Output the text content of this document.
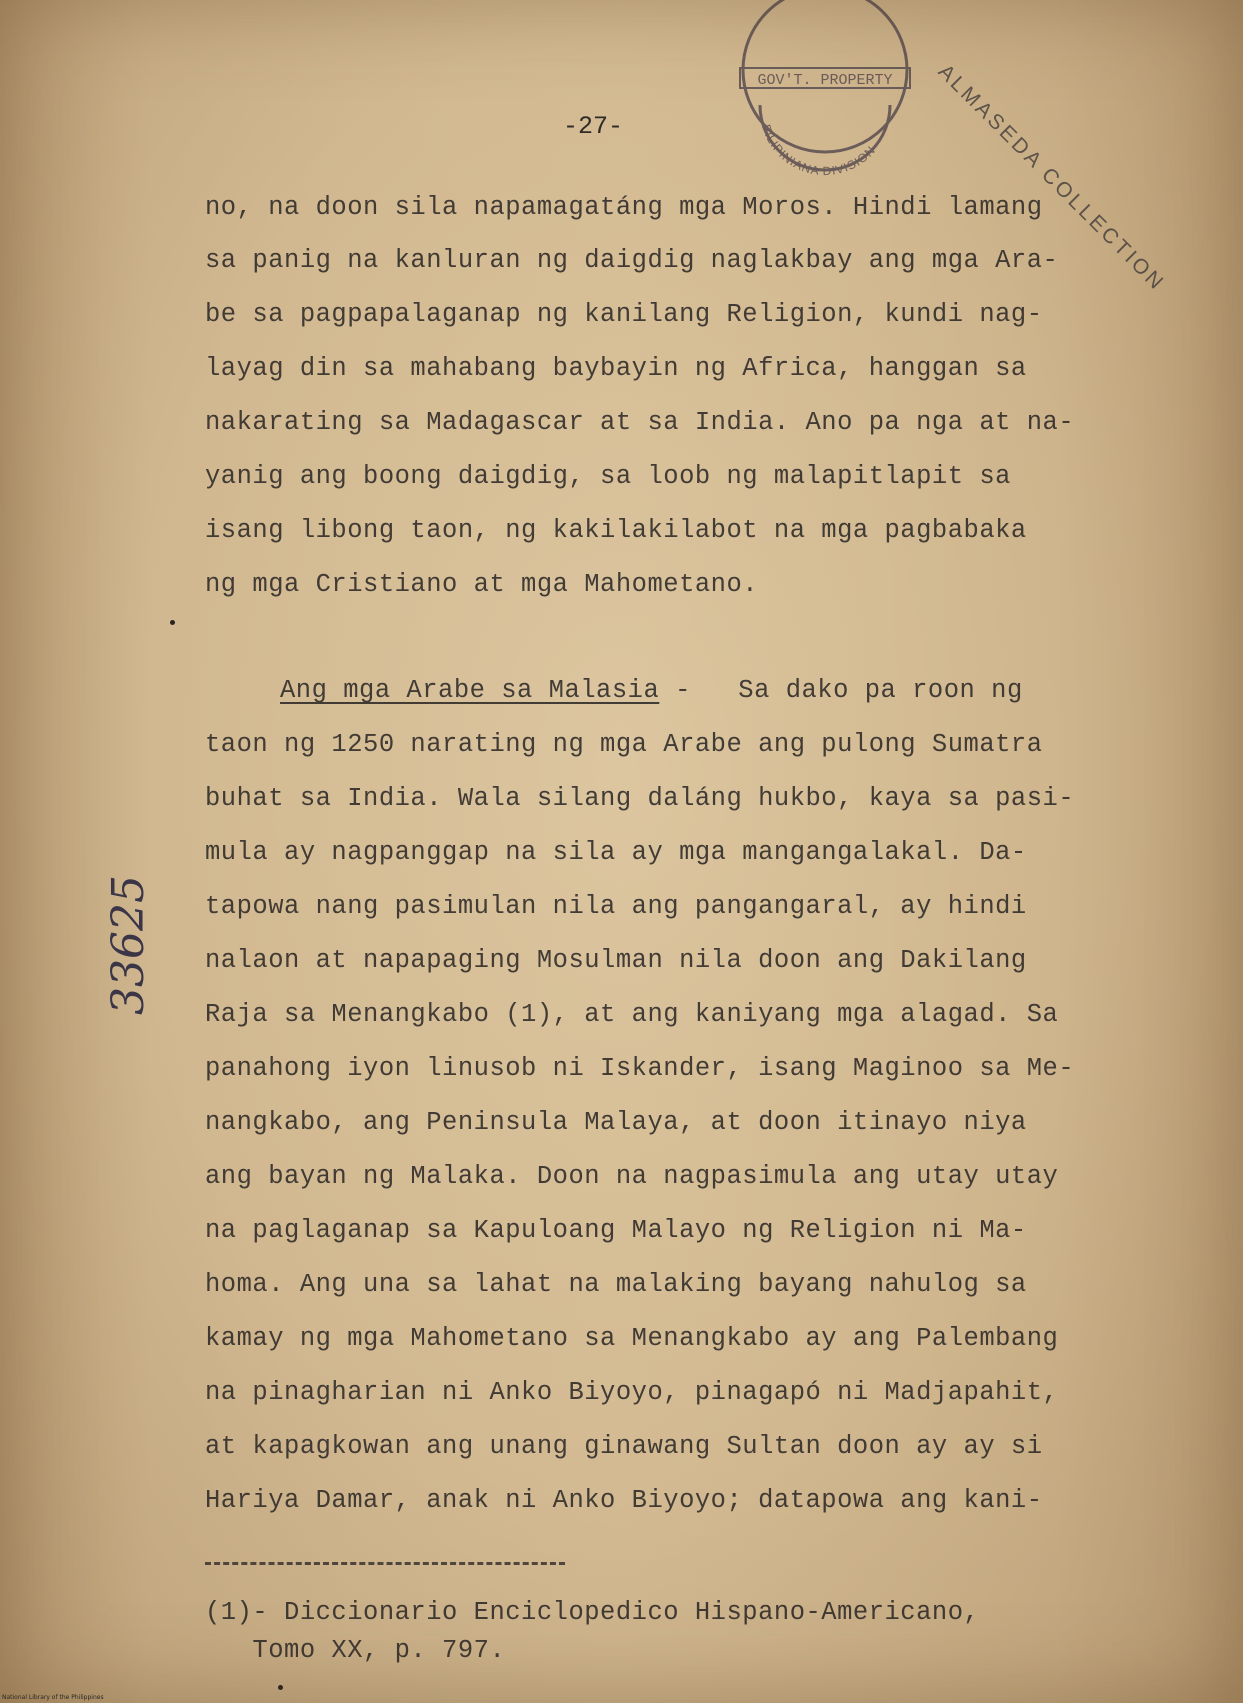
-27-
GOV'T. PROPERTY
FILIPINIANA DIVISION	ALMASEDA COLLECTION
no, na doon sila napamagatáng mga Moros. Hindi lamang
sa panig na kanluran ng daigdig naglakbay ang mga Ara-
be sa pagpapalaganap ng kanilang Religion, kundi nag-
layag din sa mahabang baybayin ng Africa, hanggan sa
nakarating sa Madagascar at sa India. Ano pa nga at na-
yanig ang boong daigdig, sa loob ng malapitlapit sa
isang libong taon, ng kakilakilabot na mga pagbabaka
ng mga Cristiano at mga Mahometano.
Ang mga Arabe sa Malasia -   Sa dako pa roon ng
taon ng 1250 narating ng mga Arabe ang pulong Sumatra
buhat sa India. Wala silang daláng hukbo, kaya sa pasi-
mula ay nagpanggap na sila ay mga mangangalakal. Da-
tapowa nang pasimulan nila ang pangangaral, ay hindi
nalaon at napapaging Mosulman nila doon ang Dakilang
Raja sa Menangkabo (1), at ang kaniyang mga alagad. Sa
panahong iyon linusob ni Iskander, isang Maginoo sa Me-
nangkabo, ang Peninsula Malaya, at doon itinayo niya
ang bayan ng Malaka. Doon na nagpasimula ang utay utay
na paglaganap sa Kapuloang Malayo ng Religion ni Ma-
homa. Ang una sa lahat na malaking bayang nahulog sa
kamay ng mga Mahometano sa Menangkabo ay ang Palembang
na pinagharian ni Anko Biyoyo, pinagapó ni Madjapahit,
at kapagkowan ang unang ginawang Sultan doon ay ay si
Hariya Damar, anak ni Anko Biyoyo; datapowa ang kani-
(1)- Diccionario Enciclopedico Hispano-Americano,
Tomo XX, p. 797.
33625
National Library of the Philippines
